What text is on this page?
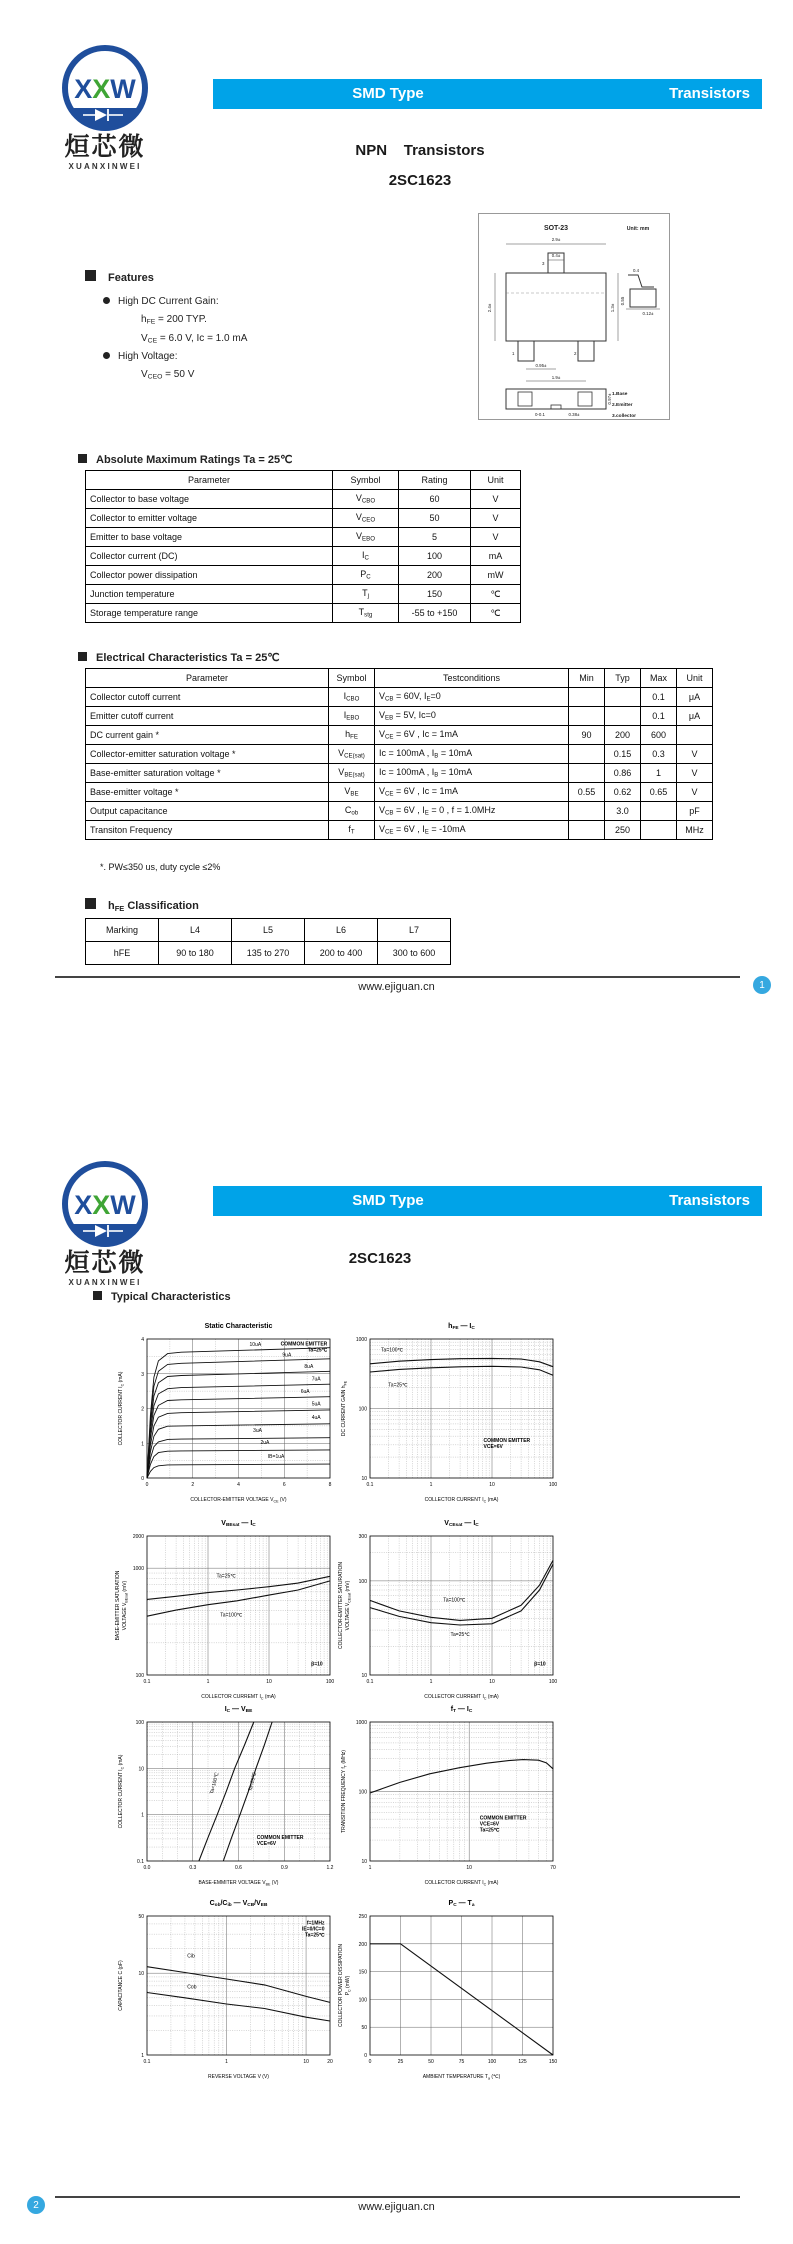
XXW
烜芯微
XUANXINWEI
SMD Type	Transistors
NPN    Transistors
2SC1623
SOT-23	Unit: mm
3
1	2
2.9±
0.4±
2.4±	1.3±
0.95±
1.9±
0.4
0.55
0.12±
0.97±
0-0.1	0.38±
1.Base
2.Emitter
3.collector
Features
High DC Current Gain:
$h_{FE} = 200$ TYP.
$V_{CE} = 6.0$ V, Ic = 1.0 mA
High Voltage:
$V_{CEO} = 50$ V
Absolute Maximum Ratings Ta = 25℃
Parameter	Symbol	Rating	Unit
Collector to base voltage	$V_{CBO}$	60	V
Collector to emitter voltage	$V_{CEO}$	50	V
Emitter to base voltage	$V_{EBO}$	5	V
Collector current (DC)	$I_C$	100	mA
Collector power dissipation	$P_C$	200	mW
Junction temperature	$T_j$	150	℃
Storage temperature range	$T_{stg}$	-55 to +150	℃
Electrical Characteristics Ta = 25℃
Parameter	Symbol	Testconditions	Min	Typ	Max	Unit
Collector cutoff current	$I_{CBO}$	$V_{CB} = 60V$, $I_E=0$			0.1	μA
Emitter cutoff current	$I_{EBO}$	$V_{EB} = 5V$, Ic=0			0.1	μA
DC current gain *	$h_{FE}$	$V_{CE} = 6V$ , Ic = 1mA	90	200	600	
Collector-emitter saturation voltage *	$V_{CE(sat)}$	Ic = 100mA , $I_B = 10mA$		0.15	0.3	V
Base-emitter saturation voltage *	$V_{BE(sat)}$	Ic = 100mA , $I_B = 10mA$		0.86	1	V
Base-emitter voltage *	$V_{BE}$	$V_{CE} = 6V$ , Ic = 1mA	0.55	0.62	0.65	V
Output capacitance	$C_{ob}$	$V_{CB} = 6V$ , $I_E = 0$ , f = 1.0MHz		3.0		pF
Transiton Frequency	$f_T$	$V_{CE} = 6V$ , $I_E = -10mA$		250		MHz
*. PW≤350 us, duty cycle ≤2%
$h_{FE}$ Classification
Marking	L4	L5	L6	L7
hFE	90 to 180	135 to 270	200 to 400	300 to 600
www.ejiguan.cn	1
XXW
烜芯微
XUANXINWEI
SMD Type	Transistors
2SC1623
Typical Characteristics
www.ejiguan.cn
2
Static Characteristic
0	2	4	6	8
0
1
2
3
4
COLLECTOR-EMITTER VOLTAGE $V_{CE}$ (V)
COLLECTOR CURRENT $I_C$ (mA)
10uA
9uA
8uA
7uA
6uA
5uA
4uA
3uA
2uA
IB=1uA
COMMON EMITTER
Ta=25℃
$h_{FE}$ — $I_C$
0.1	1	10	100
10
100
1000
COLLECTOR CURRENT $I_C$ (mA)
DC CURRENT GAIN $h_{FE}$
Ta=100℃
Ta=25℃
COMMON EMITTER
VCE=6V
$V_{BEsat}$ — $I_C$
0.1	1	10	100
100
1000
2000
COLLECTOR CURREMT $I_C$ (mA)
BASE-EMITTER SATURATION VOLTAGE $V_{BEsat}$ (mV)
Ta=25℃
Ta=100℃
β=10
$V_{CEsat}$ — $I_C$
0.1	1	10	100
10
100
300
COLLECTOR CURREMT $I_C$ (mA)
COLLECTOR-EMITTER SATURATION VOLTAGE $V_{CEsat}$ (mV)
Ta=100℃
Ta=25℃
β=10
$I_C$ — $V_{BE}$
0.0	0.3	0.6	0.9	1.2
0.1
1
10
100
BASE-EMMITER VOLTAGE $V_{BE}$ (V)
COLLECTOR CURRENT $I_C$ (mA)
Ta=100℃	Ta=25℃
COMMON EMITTER
VCE=6V
$f_T$ — $I_C$
1	10	70
10
100
1000
COLLECTOR CURRENT $I_C$ (mA)
TRANSITION FREQUENCY $f_T$ (MHz)
COMMON EMITTER
VCE=6V
Ta=25℃
$C_{ob}/C_{ib}$ — $V_{CB}/V_{EB}$
0.1	1	10	20
1
10
50
REVERSE VOLTAGE V (V)
CAPACITANCE C (pF)
Cib
Cob
f=1MHz
IE=0/IC=0
Ta=25℃
$P_C$ — $T_a$
0	25	50	75	100	125	150
0
50
100
150
200
250
AMBIENT TEMPERATURE $T_a$ (℃)
COLLECTOR POWER DISSIPATION $P_C$ (mW)
